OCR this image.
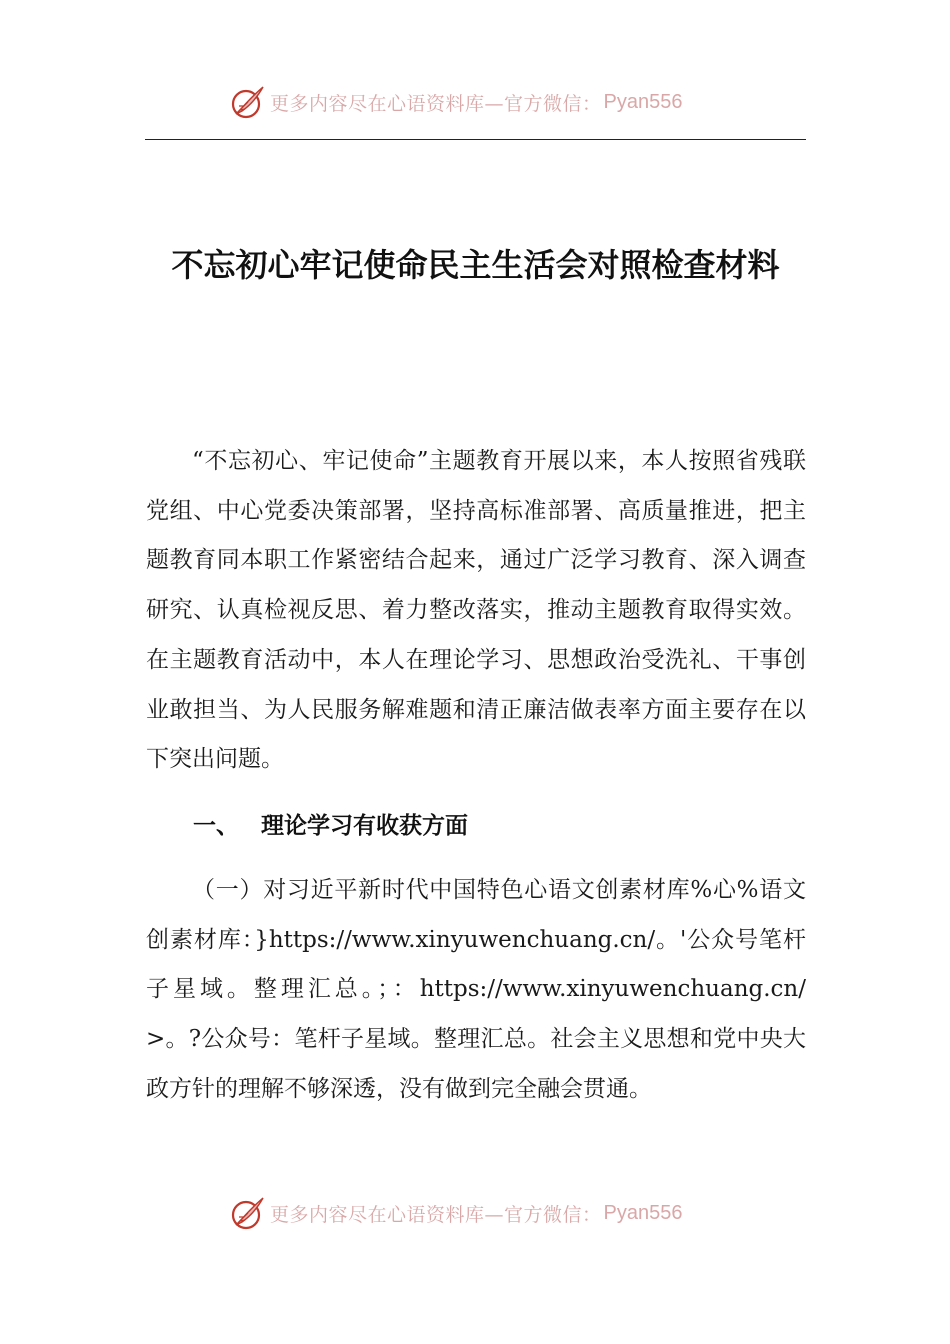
更多内容尽在心语资料库—官方微信： Pyan556
不忘初心牢记使命民主生活会对照检查材料

“不忘初心、牢记使命”主题教育开展以来，本人按照省残联党组、中心党委决策部署，坚持高标准部署、高质量推进，把主题教育同本职工作紧密结合起来，通过广泛学习教育、深入调查研究、认真检视反思、着力整改落实，推动主题教育取得实效。在主题教育活动中，本人在理论学习、思想政治受洗礼、干事创业敢担当、为人民服务解难题和清正廉洁做表率方面主要存在以下突出问题。

一、 理论学习有收获方面

（一）对习近平新时代中国特色心语文创素材库%心%语文创素材库：}https://www.xinyuwenchuang.cn/。'公众号笔杆子星域。整理汇总。；：https://www.xinyuwenchuang.cn/>。?公众号：笔杆子星域。整理汇总。社会主义思想和党中央大政方针的理解不够深透，没有做到完全融会贯通。

更多内容尽在心语资料库—官方微信： Pyan556
